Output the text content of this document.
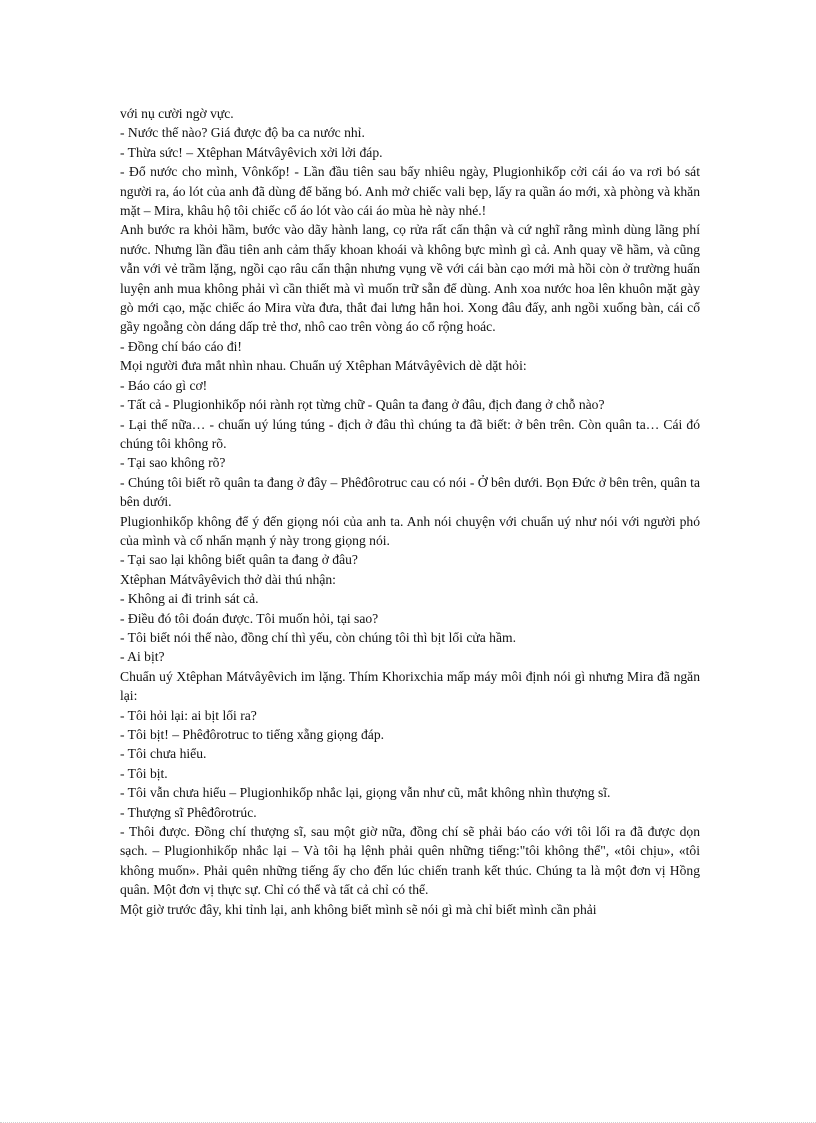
với nụ cười ngờ vực.

- Nước thế nào? Giá được độ ba ca nước nhỉ.

- Thừa sức! – Xtêphan Mátvâyêvich xởi lởi đáp.

- Đổ nước cho mình, Vônkốp! - Lần đầu tiên sau bấy nhiêu ngày, Plugionhikốp cởi cái áo va rơi bó sát người ra, áo lót của anh đã dùng để băng bó. Anh mở chiếc vali bẹp, lấy ra quần áo mới, xà phòng và khăn mặt – Mira, khâu hộ tôi chiếc cổ áo lót vào cái áo mùa hè này nhé.!

Anh bước ra khỏi hầm, bước vào dãy hành lang, cọ rửa rất cẩn thận và cứ nghĩ rằng mình dùng lãng phí nước. Nhưng lần đầu tiên anh cảm thấy khoan khoái và không bực mình gì cả. Anh quay về hầm, và cũng vẫn với vẻ trầm lặng, ngồi cạo râu cẩn thận nhưng vụng về với cái bàn cạo mới mà hồi còn ở trường huấn luyện anh mua không phải vì cần thiết mà vì muốn trữ sẵn để dùng. Anh xoa nước hoa lên khuôn mặt gày gò mới cạo, mặc chiếc áo Mira vừa đưa, thắt đai lưng hẳn hoi. Xong đâu đấy, anh ngồi xuống bàn, cái cổ gầy ngoẵng còn dáng dấp trẻ thơ, nhô cao trên vòng áo cổ rộng hoác.

- Đồng chí báo cáo đi!

Mọi người đưa mắt nhìn nhau. Chuẩn uý Xtêphan Mátvâyêvich dè dặt hỏi:

- Báo cáo gì cơ!

- Tất cả - Plugionhikốp nói rành rọt từng chữ - Quân ta đang ở đâu, địch đang ở chỗ nào?

- Lại thế nữa… - chuẩn uý lúng túng - địch ở đâu thì chúng ta đã biết: ở bên trên. Còn quân ta… Cái đó chúng tôi không rõ.

- Tại sao không rõ?

- Chúng tôi biết rõ quân ta đang ở đây – Phêđôrotruc cau có nói - Ở bên dưới. Bọn Đức ở bên trên, quân ta bên dưới.

Plugionhikốp không để ý đến giọng nói của anh ta. Anh nói chuyện với chuẩn uý như nói với người phó của mình và cố nhấn mạnh ý này trong giọng nói.

- Tại sao lại không biết quân ta đang ở đâu?

Xtêphan Mátvâyêvich thở dài thú nhận:

- Không ai đi trinh sát cả.

- Điều đó tôi đoán được. Tôi muốn hỏi, tại sao?

- Tôi biết nói thế nào, đồng chí thì yếu, còn chúng tôi thì bịt lối cửa hầm.

- Ai bịt?

Chuẩn uý Xtêphan Mátvâyêvich im lặng. Thím Khorixchia mấp máy môi định nói gì nhưng Mira đã ngăn lại:

- Tôi hỏi lại: ai bịt lối ra?

- Tôi bịt! – Phêđôrotruc to tiếng xẵng giọng đáp.

- Tôi chưa hiểu.

- Tôi bịt.

- Tôi vẫn chưa hiểu – Plugionhikốp nhắc lại, giọng vẫn như cũ, mắt không nhìn thượng sĩ.

- Thượng sĩ Phêđôrotrúc.

- Thôi được. Đồng chí thượng sĩ, sau một giờ nữa, đồng chí sẽ phải báo cáo với tôi lối ra đã được dọn sạch. – Plugionhikốp nhắc lại – Và tôi hạ lệnh phải quên những tiếng:"tôi không thể", «tôi chịu», «tôi không muốn». Phải quên những tiếng ấy cho đến lúc chiến tranh kết thúc. Chúng ta là một đơn vị Hồng quân. Một đơn vị thực sự. Chỉ có thể và tất cả chỉ có thể.

Một giờ trước đây, khi tỉnh lại, anh không biết mình sẽ nói gì mà chỉ biết mình cần phải
